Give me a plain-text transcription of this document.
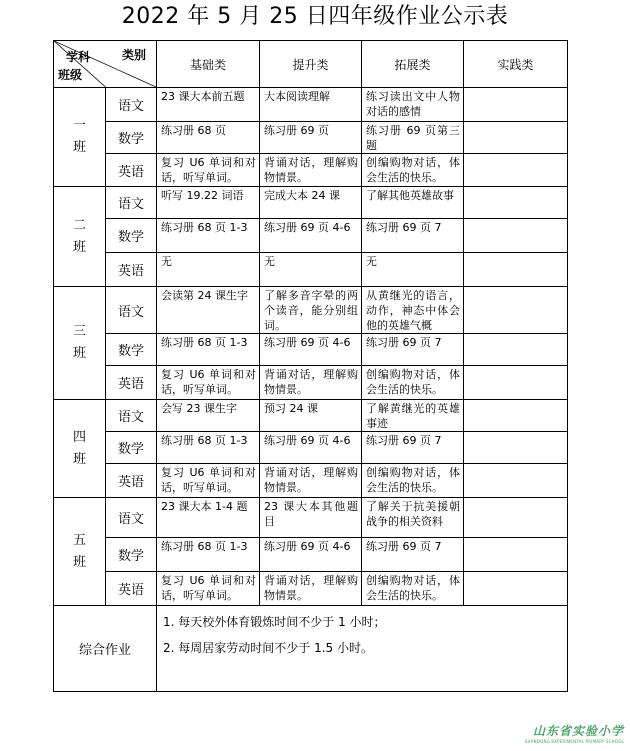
2022 年 5 月 25 日四年级作业公示表
学科 类别
班级		基础类	提升类	拓展类	实践类

一
班	语文	23 课大本前五题	大本阅读理解	练习读出文中人物对话的感情	
	数学	练习册 68 页	练习册 69 页	练习册 69 页第三题	
	英语	复习 U6 单词和对话，听写单词。	背诵对话，理解购物情景。	创编购物对话，体会生活的快乐。	

二
班	语文	听写 19.22 词语	完成大本 24 课	了解其他英雄故事	
	数学	练习册 68 页 1-3	练习册 69 页 4-6	练习册 69 页 7	
	英语	无	无	无	

三
班	语文	会读第 24 课生字	了解多音字晕的两个读音，能分别组词。	从黄继光的语言，动作，神态中体会他的英雄气概	
	数学	练习册 68 页 1-3	练习册 69 页 4-6	练习册 69 页 7	
	英语	复习 U6 单词和对话，听写单词。	背诵对话，理解购物情景。	创编购物对话，体会生活的快乐。	

四
班	语文	会写 23 课生字	预习 24 课	了解黄继光的英雄事迹	
	数学	练习册 68 页 1-3	练习册 69 页 4-6	练习册 69 页 7	
	英语	复习 U6 单词和对话，听写单词。	背诵对话，理解购物情景。	创编购物对话，体会生活的快乐。	

五
班	语文	23 课大本 1-4 题	23 课大本其他题目	了解关于抗美援朝战争的相关资料	
	数学	练习册 68 页 1-3	练习册 69 页 4-6	练习册 69 页 7	
	英语	复习 U6 单词和对话，听写单词。	背诵对话，理解购物情景。	创编购物对话，体会生活的快乐。	
综合作业		1. 每天校外体育锻炼时间不少于 1 小时；
2. 每周居家劳动时间不少于 1.5 小时。			
山东省实验小学
SHANDONG EXPERIMENTAL PRIMARY SCHOOL
